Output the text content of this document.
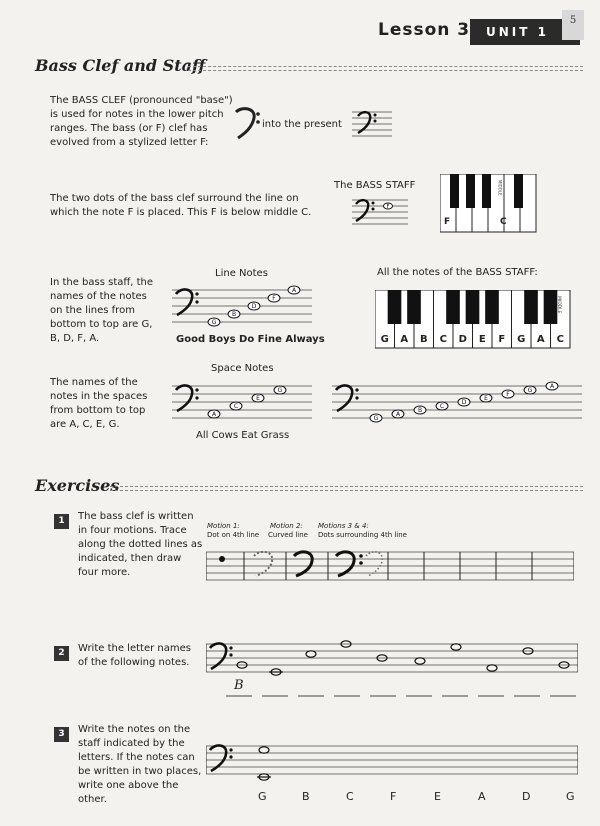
Lesson 3	UNIT 1
5
Bass Clef and Staff
The BASS CLEF (pronounced "base") is used for notes in the lower pitch ranges. The bass (or F) clef has evolved from a stylized letter F:
into the present
The two dots of the bass clef surround the line on which the note F is placed. This F is below middle C.
The BASS STAFF
F
F	C
MIDDLE
In the bass staff, the names of the notes on the lines from bottom to top are G, B, D, F, A.
Line Notes
G
B
D
F
A
Good Boys Do Fine Always
The names of the notes in the spaces from bottom to top are A, C, E, G.
Space Notes
A
C
E
G
All Cows Eat Grass
All the notes of the BASS STAFF:
G A B C D E F G A C
MIDDLE
G
A
B
C
D
E
F
G
A
Exercises
1	The bass clef is written in four motions. Trace along the dotted lines as indicated, then draw four more.
Motion 1:
Dot on 4th line
Motion 2:
Curved line
Motions 3 & 4:
Dots surrounding 4th line
2	Write the letter names of the following notes.
B
3	Write the notes on the staff indicated by the letters. If the notes can be written in two places, write one above the other.	G	B	C	F	E	A	D	G
